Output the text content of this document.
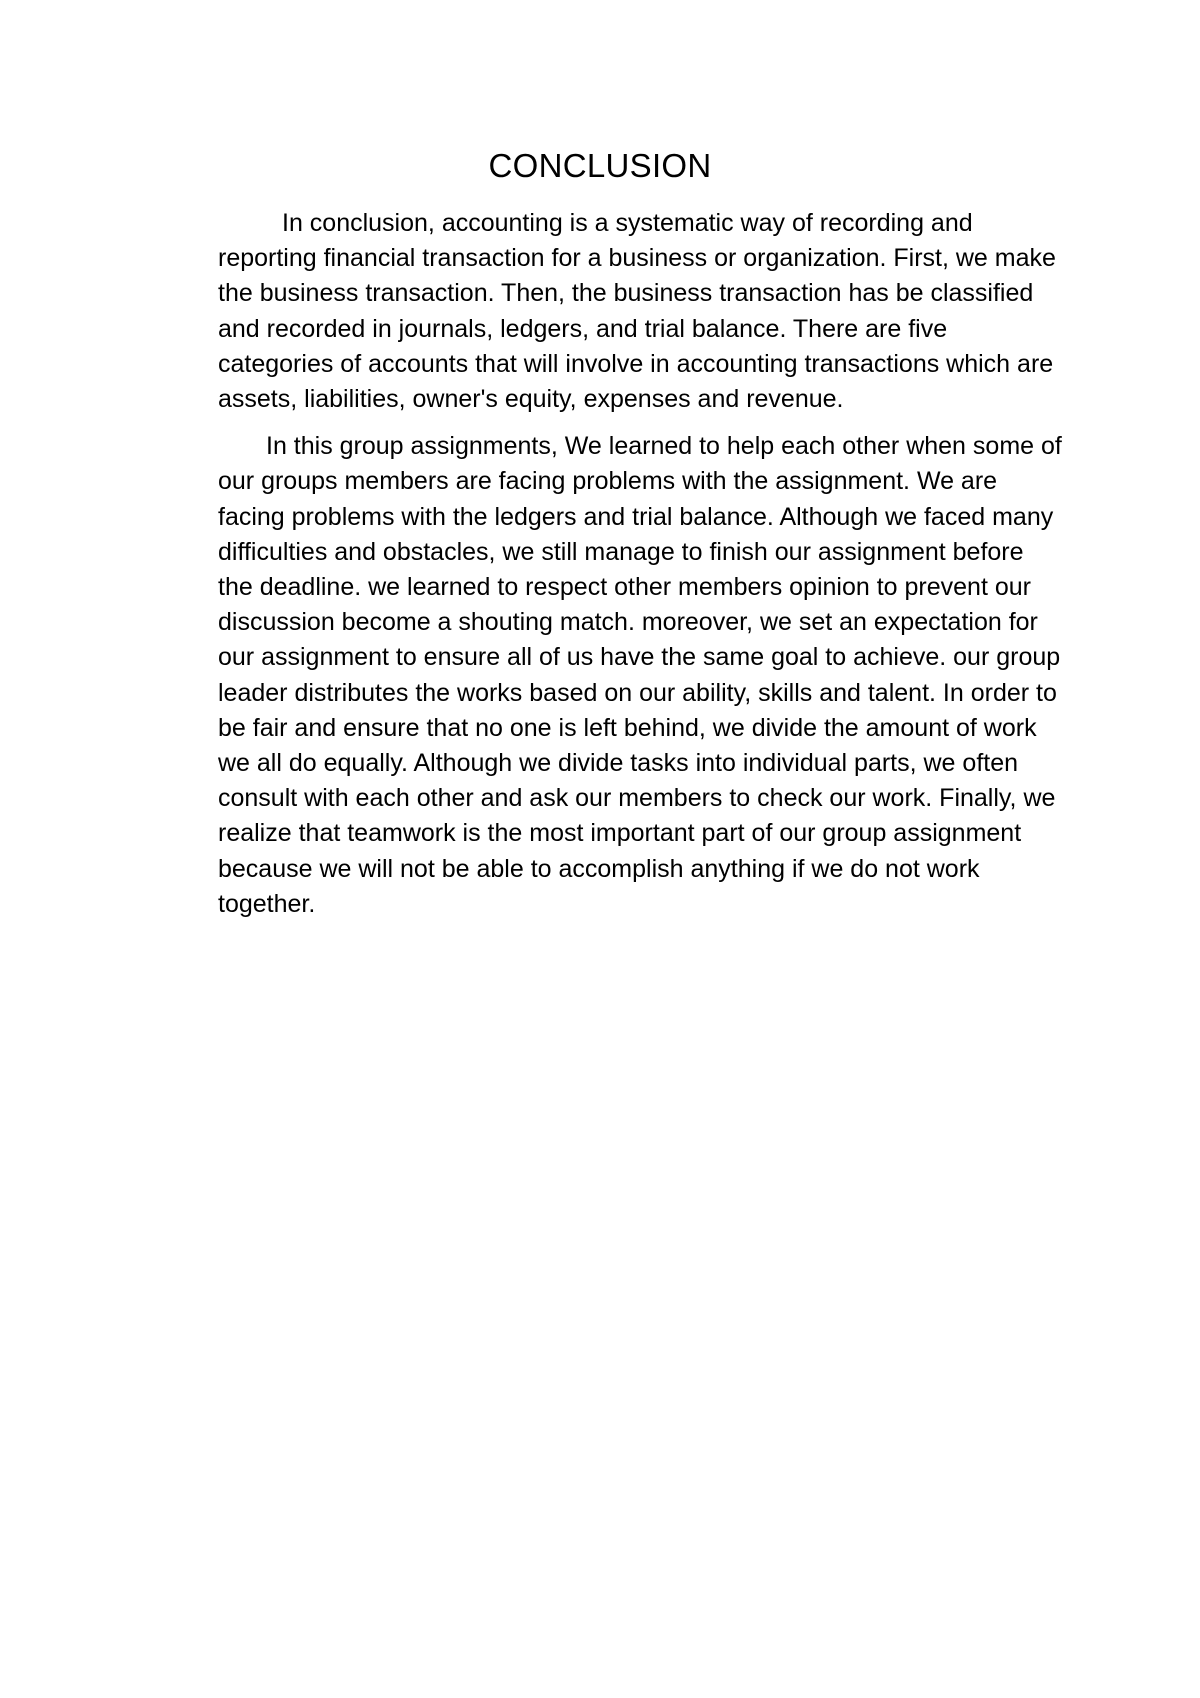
CONCLUSION

In conclusion, accounting is a systematic way of recording and reporting financial transaction for a business or organization. First, we make the business transaction. Then, the business transaction has be classified and recorded in journals, ledgers, and trial balance. There are five categories of accounts that will involve in accounting transactions which are assets, liabilities, owner's equity, expenses and revenue.

In this group assignments, We learned to help each other when some of our groups members are facing problems with the assignment. We are facing problems with the ledgers and trial balance. Although we faced many difficulties and obstacles, we still manage to finish our assignment before the deadline. we learned to respect other members opinion to prevent our discussion become a shouting match. moreover, we set an expectation for our assignment to ensure all of us have the same goal to achieve. our group leader distributes the works based on our ability, skills and talent. In order to be fair and ensure that no one is left behind, we divide the amount of work we all do equally. Although we divide tasks into individual parts, we often consult with each other and ask our members to check our work. Finally, we realize that teamwork is the most important part of our group assignment because we will not be able to accomplish anything if we do not work together.
